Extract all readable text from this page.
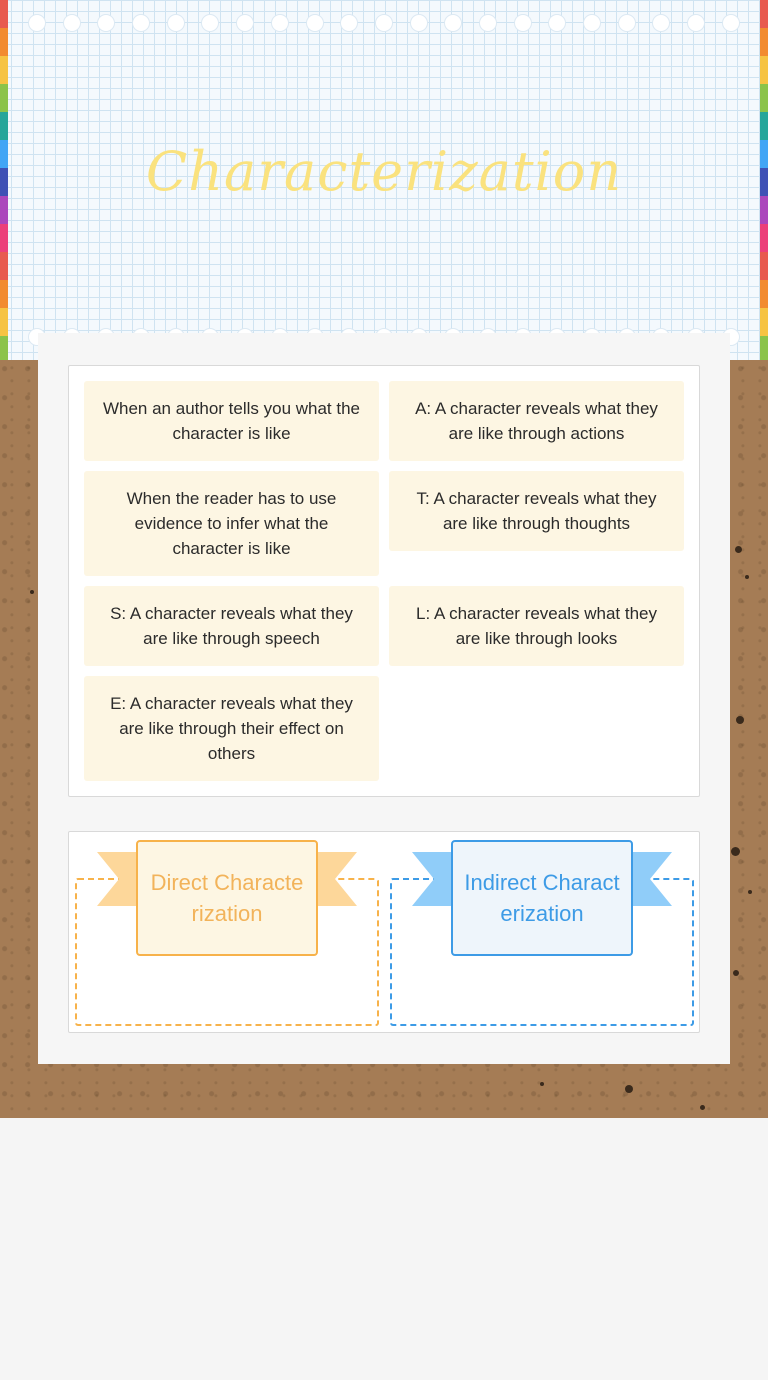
Characterization
When an author tells you what the character is like
A: A character reveals what they are like through actions
When the reader has to use evidence to infer what the character is like
T: A character reveals what they are like through thoughts
S: A character reveals what they are like through speech
L: A character reveals what they are like through looks
E: A character reveals what they are like through their effect on others
Direct Characterization
Indirect Characterization
